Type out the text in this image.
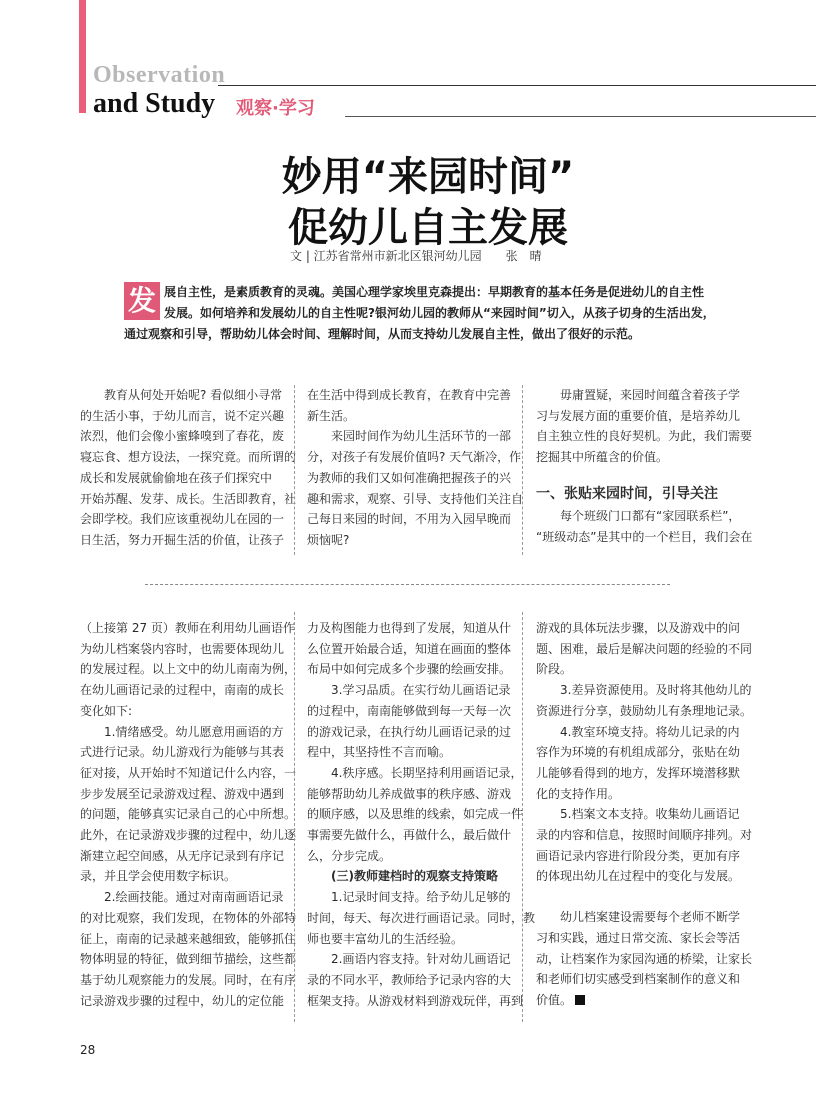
Observation
and Study 观察·学习
妙用“来园时间”
促幼儿自主发展
文 | 江苏省常州市新北区银河幼儿园　　张　晴
发 展自主性，是素质教育的灵魂。美国心理学家埃里克森提出：早期教育的基本任务是促进幼儿的自主性
发展。如何培养和发展幼儿的自主性呢?银河幼儿园的教师从“来园时间”切入，从孩子切身的生活出发，
通过观察和引导，帮助幼儿体会时间、理解时间，从而支持幼儿发展自主性，做出了很好的示范。

　　教育从何处开始呢? 看似细小寻常

的生活小事，于幼儿而言，说不定兴趣

浓烈，他们会像小蜜蜂嗅到了春花，废

寝忘食、想方设法，一探究竟。而所谓的

成长和发展就偷偷地在孩子们探究中

开始苏醒、发芽、成长。生活即教育，社

会即学校。我们应该重视幼儿在园的一

日生活，努力开掘生活的价值，让孩子

在生活中得到成长教育，在教育中完善

新生活。

　　来园时间作为幼儿生活环节的一部

分，对孩子有发展价值吗? 天气渐冷，作

为教师的我们又如何准确把握孩子的兴

趣和需求，观察、引导、支持他们关注自

己每日来园的时间，不用为入园早晚而

烦恼呢?

　　毋庸置疑，来园时间蕴含着孩子学

习与发展方面的重要价值，是培养幼儿

自主独立性的良好契机。为此，我们需要

挖掘其中所蕴含的价值。

一、张贴来园时间，引导关注

　　每个班级门口都有“家园联系栏”，

“班级动态”是其中的一个栏目，我们会在

（上接第 27 页）教师在利用幼儿画语作

为幼儿档案袋内容时，也需要体现幼儿

的发展过程。以上文中的幼儿南南为例，

在幼儿画语记录的过程中，南南的成长

变化如下:

　　1.情绪感受。幼儿愿意用画语的方

式进行记录。幼儿游戏行为能够与其表

征对接，从开始时不知道记什么内容，一

步步发展至记录游戏过程、游戏中遇到

的问题，能够真实记录自己的心中所想。

此外，在记录游戏步骤的过程中，幼儿逐

渐建立起空间感，从无序记录到有序记

录，并且学会使用数字标识。

　　2.绘画技能。通过对南南画语记录

的对比观察，我们发现，在物体的外部特

征上，南南的记录越来越细致，能够抓住

物体明显的特征，做到细节描绘，这些都

基于幼儿观察能力的发展。同时，在有序

记录游戏步骤的过程中，幼儿的定位能

力及构图能力也得到了发展，知道从什

么位置开始最合适，知道在画面的整体

布局中如何完成多个步骤的绘画安排。

　　3.学习品质。在实行幼儿画语记录

的过程中，南南能够做到每一天每一次

的游戏记录，在执行幼儿画语记录的过

程中，其坚持性不言而喻。

　　4.秩序感。长期坚持利用画语记录，

能够帮助幼儿养成做事的秩序感、游戏

的顺序感，以及思维的线索，如完成一件

事需要先做什么，再做什么，最后做什

么，分步完成。

　　(三)教师建档时的观察支持策略

　　1.记录时间支持。给予幼儿足够的

时间，每天、每次进行画语记录。同时，教

师也要丰富幼儿的生活经验。

　　2.画语内容支持。针对幼儿画语记

录的不同水平，教师给予记录内容的大

框架支持。从游戏材料到游戏玩伴，再到

游戏的具体玩法步骤，以及游戏中的问

题、困难，最后是解决问题的经验的不同

阶段。

　　3.差异资源使用。及时将其他幼儿的

资源进行分享，鼓励幼儿有条理地记录。

　　4.教室环境支持。将幼儿记录的内

容作为环境的有机组成部分，张贴在幼

儿能够看得到的地方，发挥环境潜移默

化的支持作用。

　　5.档案文本支持。收集幼儿画语记

录的内容和信息，按照时间顺序排列。对

画语记录内容进行阶段分类，更加有序

的体现出幼儿在过程中的变化与发展。

　　幼儿档案建设需要每个老师不断学

习和实践，通过日常交流、家长会等活

动，让档案作为家园沟通的桥梁，让家长

和老师们切实感受到档案制作的意义和

价值。

28
